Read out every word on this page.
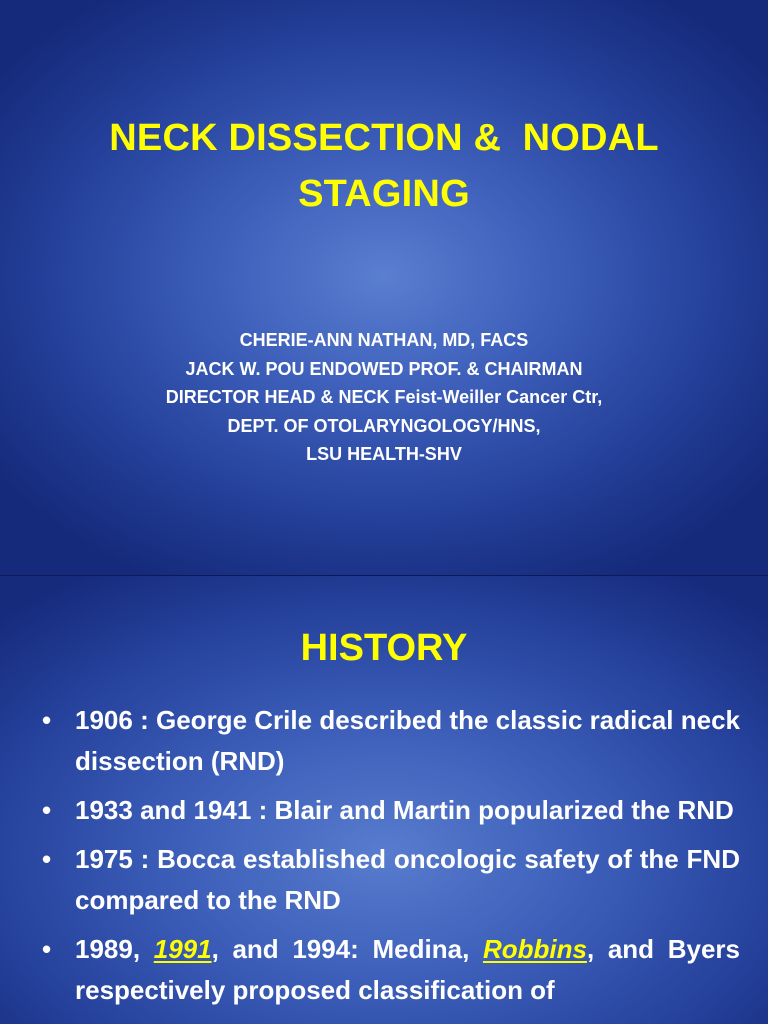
NECK DISSECTION &  NODAL
STAGING
CHERIE-ANN NATHAN, MD, FACS
JACK W. POU ENDOWED PROF. & CHAIRMAN
DIRECTOR HEAD & NECK Feist-Weiller Cancer Ctr,
DEPT. OF OTOLARYNGOLOGY/HNS,
LSU HEALTH-SHV
HISTORY
• 1906 : George Crile described the classic radical neck dissection (RND)
• 1933 and 1941 : Blair and Martin popularized the RND
• 1975 : Bocca established oncologic safety of the FND compared to the RND
• 1989, 1991, and 1994: Medina, Robbins, and Byers respectively proposed classification of
